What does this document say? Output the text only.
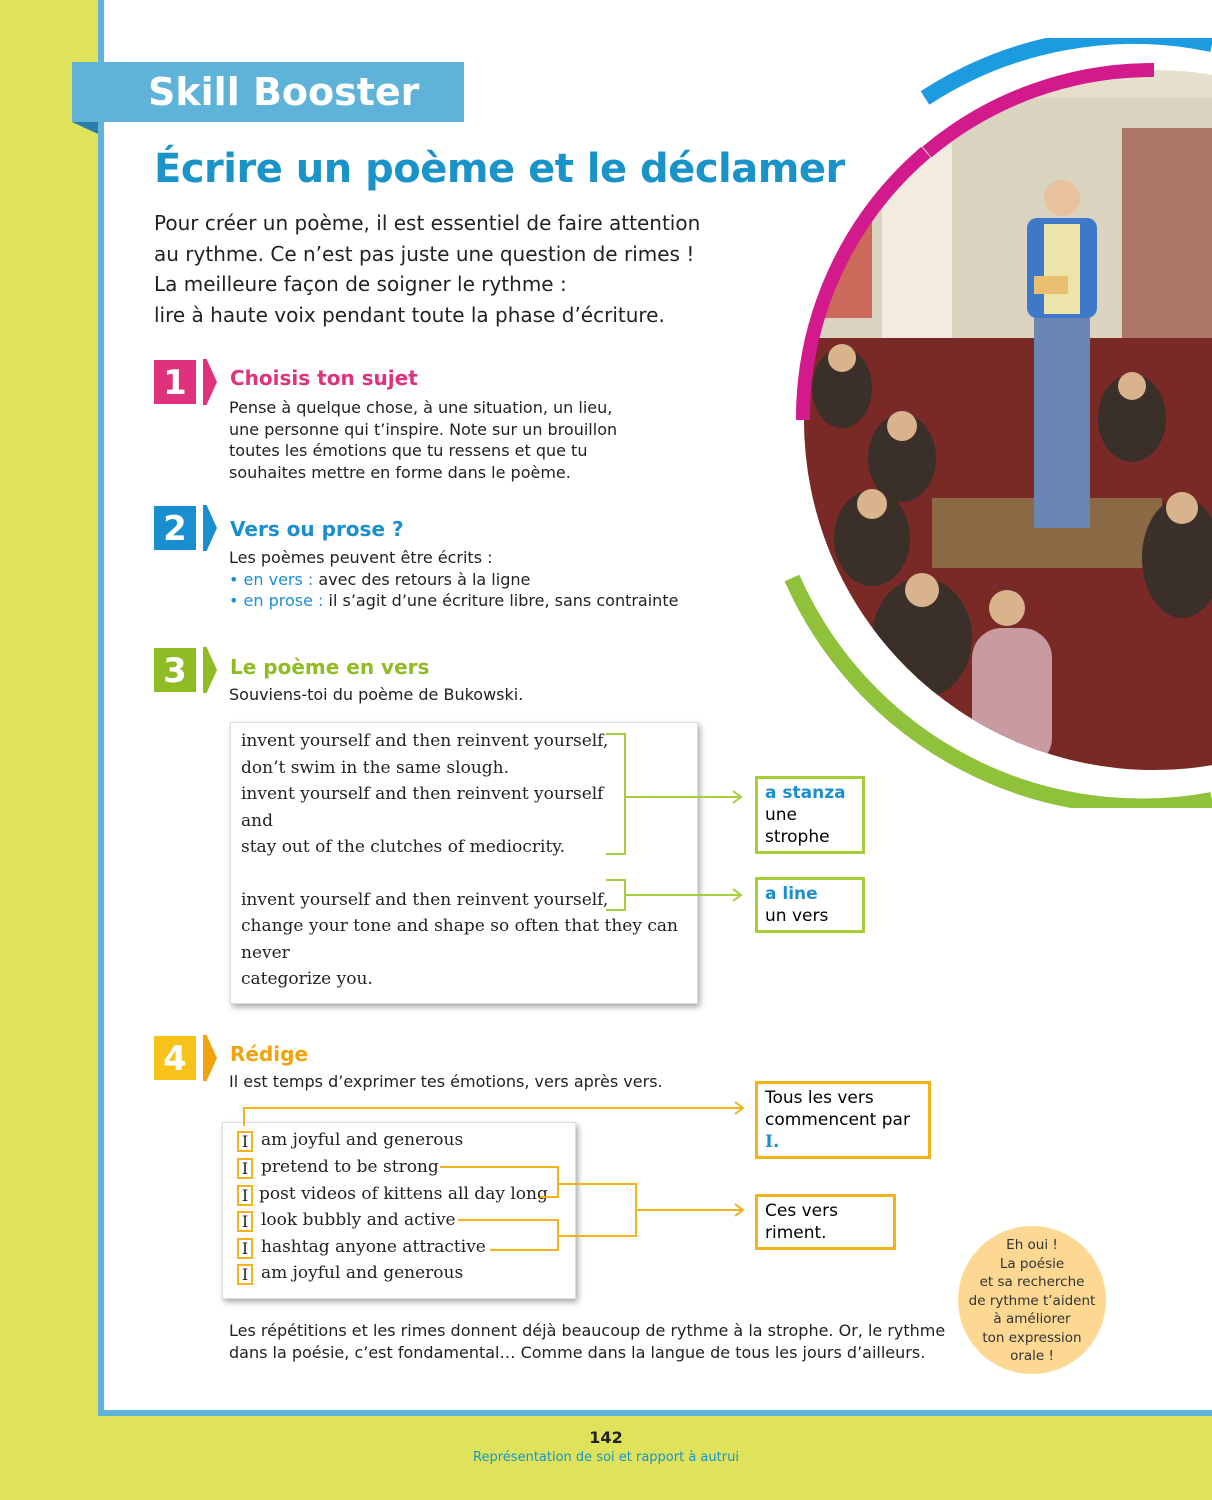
Skill Booster
Écrire un poème et le déclamer
Pour créer un poème, il est essentiel de faire attention
au rythme. Ce n’est pas juste une question de rimes !
La meilleure façon de soigner le rythme :
lire à haute voix pendant toute la phase d’écriture.
1	Choisis ton sujet
Pense à quelque chose, à une situation, un lieu,
une personne qui t’inspire. Note sur un brouillon
toutes les émotions que tu ressens et que tu
souhaites mettre en forme dans le poème.
2	Vers ou prose ?
Les poèmes peuvent être écrits :
• en vers : avec des retours à la ligne
• en prose : il s’agit d’une écriture libre, sans contrainte
3	Le poème en vers
Souviens-toi du poème de Bukowski.
invent yourself and then reinvent yourself,
don’t swim in the same slough.
invent yourself and then reinvent yourself
and
stay out of the clutches of mediocrity.
invent yourself and then reinvent yourself,
change your tone and shape so often that they can
never
categorize you.
a stanza
une strophe
a line
un vers
4	Rédige
Il est temps d’exprimer tes émotions, vers après vers.
I am joyful and generous
I pretend to be strong
I post videos of kittens all day long
I look bubbly and active
I hashtag anyone attractive
I am joyful and generous
Tous les vers commencent par I.
Ces vers riment.
Les répétitions et les rimes donnent déjà beaucoup de rythme à la strophe. Or, le rythme
dans la poésie, c’est fondamental… Comme dans la langue de tous les jours d’ailleurs.
Eh oui !
La poésie
et sa recherche
de rythme t’aident
à améliorer
ton expression
orale !
142
Représentation de soi et rapport à autrui
